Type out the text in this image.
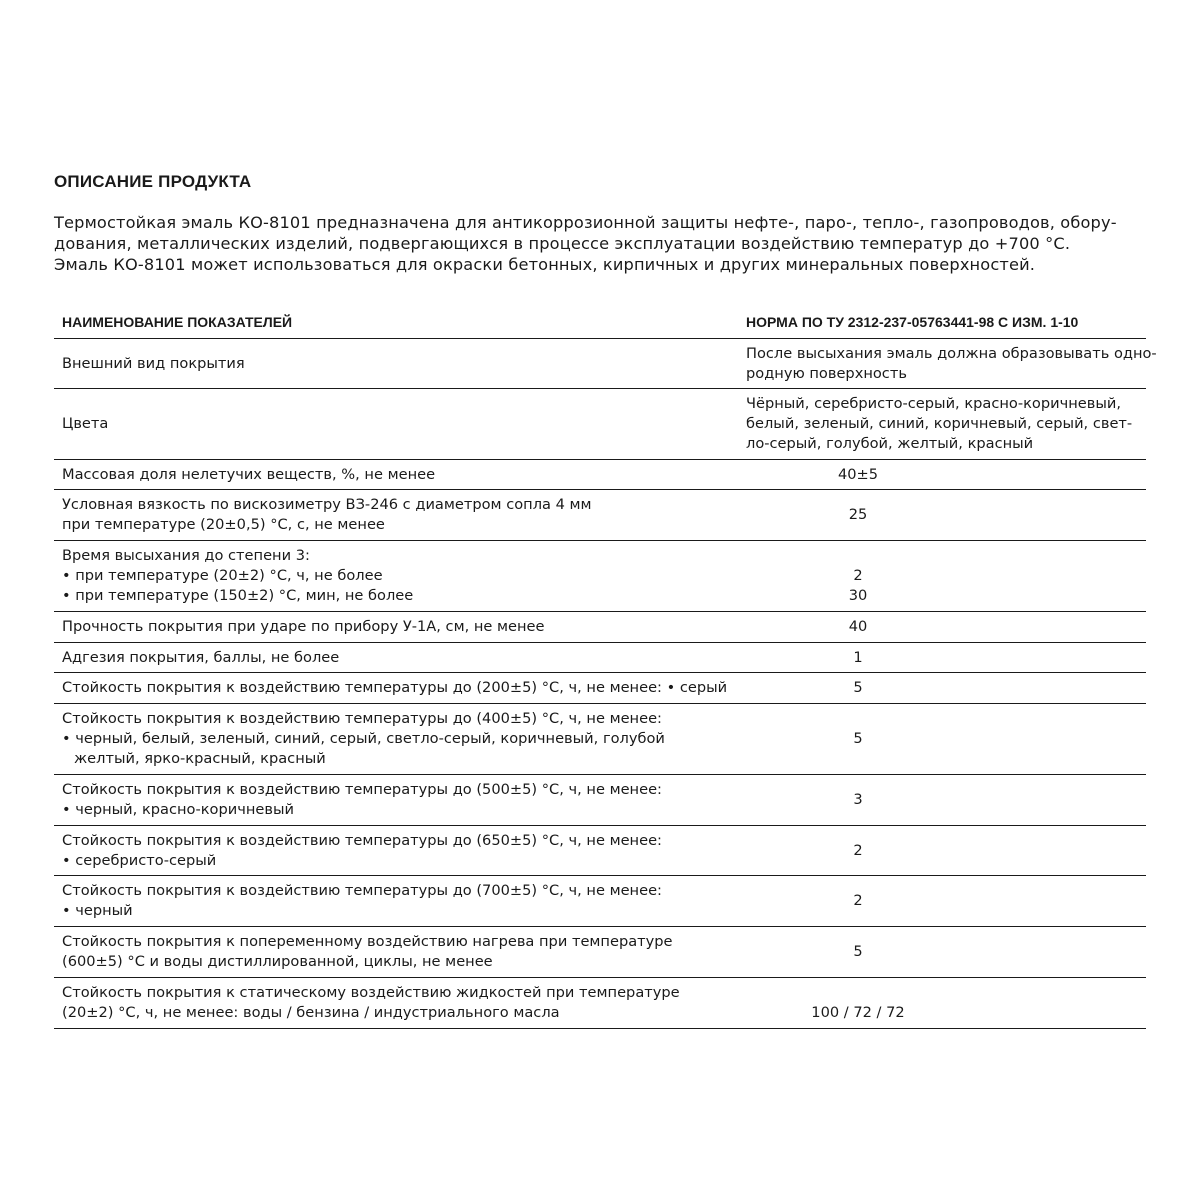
ОПИСАНИЕ ПРОДУКТА
Термостойкая эмаль КО-8101 предназначена для антикоррозионной защиты нефте-, паро-, тепло-, газопроводов, обору-
дования, металлических изделий, подвергающихся в процессе эксплуатации воздействию температур до +700 °С.
Эмаль КО-8101 может использоваться для окраски бетонных, кирпичных и других минеральных поверхностей.
НАИМЕНОВАНИЕ ПОКАЗАТЕЛЕЙ	НОРМА ПО ТУ 2312-237-05763441-98 С ИЗМ. 1-10

Внешний вид покрытия	После высыхания эмаль должна образовывать одно-
родную поверхность

Цвета	Чёрный, серебристо-серый, красно-коричневый,
белый, зеленый, синий, коричневый, серый, свет-
ло-серый, голубой, желтый, красный

Массовая доля нелетучих веществ, %, не менее	40±5

Условная вязкость по вискозиметру ВЗ-246 с диаметром сопла 4 мм
при температуре (20±0,5) °С, с, не менее	25

Время высыхания до степени 3:
• при температуре (20±2) °С, ч, не более
• при температуре (150±2) °С, мин, не более	2
30

Прочность покрытия при ударе по прибору У-1А, см, не менее	40

Адгезия покрытия, баллы, не более	1

Стойкость покрытия к воздействию температуры до (200±5) °С, ч, не менее: • серый	5

Стойкость покрытия к воздействию температуры до (400±5) °С, ч, не менее:
• черный, белый, зеленый, синий, серый, светло-серый, коричневый, голубой
желтый, ярко-красный, красный	5

Стойкость покрытия к воздействию температуры до (500±5) °С, ч, не менее:
• черный, красно-коричневый	3

Стойкость покрытия к воздействию температуры до (650±5) °С, ч, не менее:
• серебристо-серый	2

Стойкость покрытия к воздействию температуры до (700±5) °С, ч, не менее:
• черный	2

Стойкость покрытия к попеременному воздействию нагрева при температуре
(600±5) °С и воды дистиллированной, циклы, не менее	5

Стойкость покрытия к статическому воздействию жидкостей при температуре
(20±2) °С, ч, не менее: воды / бензина / индустриального масла	100 / 72 / 72
